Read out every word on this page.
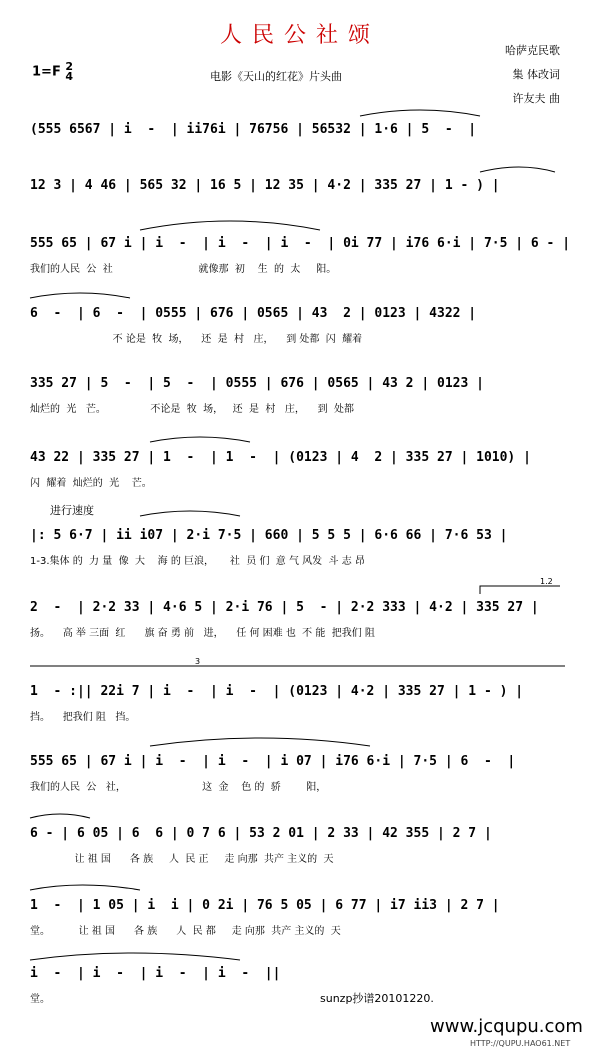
人民公社颂
1=F 2
4	电影《天山的红花》片头曲
哈萨克民歌
集 体改词
许友夫 曲
(555 6567 | i  -  | ii76i | 76756 | 56532 | 1·6 | 5  -  |
12 3 | 4 46 | 565 32 | 16 5 | 12 35 | 4·2 | 335 27 | 1 - ) |
555 65 | 67 i | i  -  | i  -  | i  -  | 0i 77 | i76 6·i | 7·5 | 6 - |
我们的人民  公  社                           就像那  初    生  的  太     阳。
6  -  | 6  -  | 0555 | 676 | 0565 | 43  2 | 0123 | 4322 |
不 论是  牧  场，    还  是  村   庄，    到 处都  闪  耀着
335 27 | 5  -  | 5  -  | 0555 | 676 | 0565 | 43 2 | 0123 |
灿烂的  光   芒。              不论是  牧  场，   还  是  村   庄，    到  处都
43 22 | 335 27 | 1  -  | 1  -  | (0123 | 4  2 | 335 27 | 1010) |
闪  耀着  灿烂的  光    芒。
进行速度
|: 5 6·7 | ii i07 | 2·i 7·5 | 660 | 5 5 5 | 6·6 66 | 7·6 53 |
1-3.集体 的  力 量  像  大    海 的 巨浪，     社  员 们  意 气 风发  斗 志 昂
2  -  | 2·2 33 | 4·6 5 | 2·i 76 | 5  - | 2·2 333 | 4·2 | 335 27 |
扬。    高 举 三面  红      旗 奋 勇 前   进，    任 何 困难 也  不 能  把我们 阻
1  - :|| 22i 7 | i  -  | i  -  | (0123 | 4·2 | 335 27 | 1 - ) |
挡。    把我们 阻   挡。
555 65 | 67 i | i  -  | i  -  | i 07 | i76 6·i | 7·5 | 6  -  |
我们的人民  公   社，                        这  金    色 的  骄        阳，
6 - | 6 05 | 6  6 | 0 7 6 | 53 2 01 | 2 33 | 42 355 | 2 7 |
让 祖 国      各 族     人  民 正     走 向那  共产 主义的  天
1  -  | 1 05 | i  i | 0 2i | 76 5 05 | 6 77 | i7 ii3 | 2 7 |
堂。         让 祖 国      各 族      人  民 都     走 向那  共产 主义的  天
i  -  | i  -  | i  -  | i  -  ||
堂。	sunzp抄谱20101220.
www.jcqupu.com
HTTP://QUPU.HAO61.NET
1.2
3
